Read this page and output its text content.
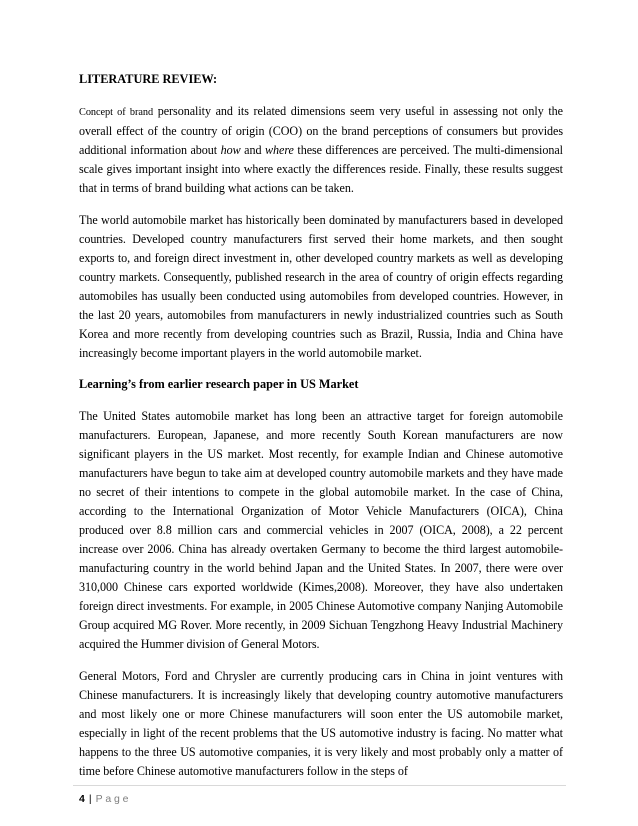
LITERATURE REVIEW:

Concept of brand personality and its related dimensions seem very useful in assessing not only the overall effect of the country of origin (COO) on the brand perceptions of consumers but provides additional information about how and where these differences are perceived. The multi-dimensional scale gives important insight into where exactly the differences reside. Finally, these results suggest that in terms of brand building what actions can be taken.

The world automobile market has historically been dominated by manufacturers based in developed countries. Developed country manufacturers first served their home markets, and then sought exports to, and foreign direct investment in, other developed country markets as well as developing country markets. Consequently, published research in the area of country of origin effects regarding automobiles has usually been conducted using automobiles from developed countries. However, in the last 20 years, automobiles from manufacturers in newly industrialized countries such as South Korea and more recently from developing countries such as Brazil, Russia, India and China have increasingly become important players in the world automobile market.

Learning’s from earlier research paper in US Market

The United States automobile market has long been an attractive target for foreign automobile manufacturers. European, Japanese, and more recently South Korean manufacturers are now significant players in the US market. Most recently, for example Indian and Chinese automotive manufacturers have begun to take aim at developed country automobile markets and they have made no secret of their intentions to compete in the global automobile market. In the case of China, according to the International Organization of Motor Vehicle Manufacturers (OICA), China produced over 8.8 million cars and commercial vehicles in 2007 (OICA, 2008), a 22 percent increase over 2006. China has already overtaken Germany to become the third largest automobile-manufacturing country in the world behind Japan and the United States. In 2007, there were over 310,000 Chinese cars exported worldwide (Kimes,2008). Moreover, they have also undertaken foreign direct investments. For example, in 2005 Chinese Automotive company Nanjing Automobile Group acquired MG Rover. More recently, in 2009 Sichuan Tengzhong Heavy Industrial Machinery acquired the Hummer division of General Motors.

General Motors, Ford and Chrysler are currently producing cars in China in joint ventures with Chinese manufacturers. It is increasingly likely that developing country automotive manufacturers and most likely one or more Chinese manufacturers will soon enter the US automobile market, especially in light of the recent problems that the US automotive industry is facing. No matter what happens to the three US automotive companies, it is very likely and most probably only a matter of time before Chinese automotive manufacturers follow in the steps of

4 | Page
